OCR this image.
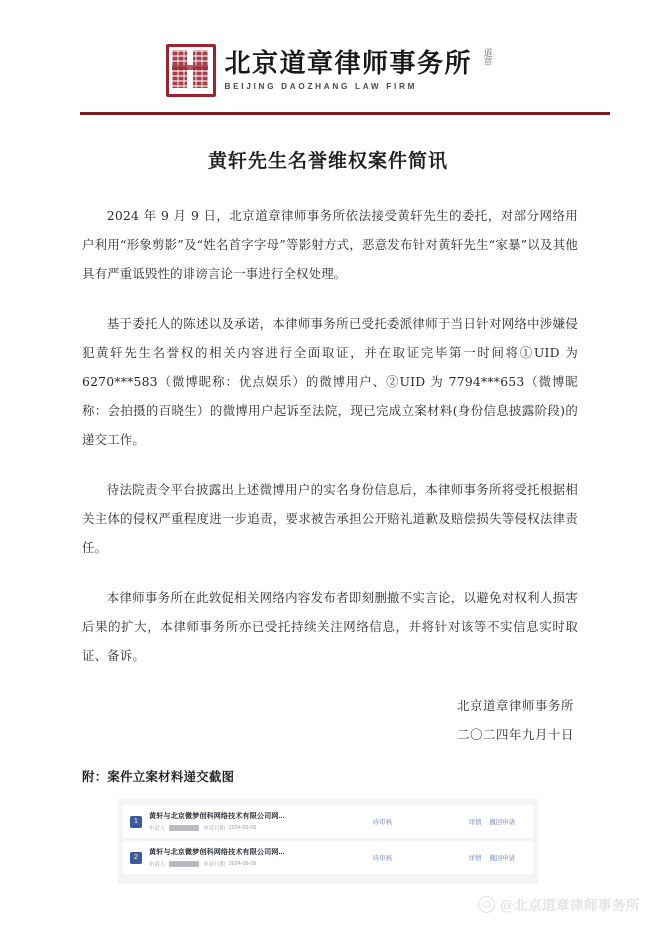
北京道章律师事务所
BEIJING DAOZHANG LAW FIRM
道章
黄轩先生名誉维权案件简讯

2024 年 9 月 9 日，北京道章律师事务所依法接受黄轩先生的委托，对部分网络用户利用“形象剪影”及“姓名首字字母”等影射方式，恶意发布针对黄轩先生“家暴”以及其他具有严重诋毁性的诽谤言论一事进行全权处理。

基于委托人的陈述以及承诺，本律师事务所已受托委派律师于当日针对网络中涉嫌侵犯黄轩先生名誉权的相关内容进行全面取证，并在取证完毕第一时间将①UID 为 6270***583（微博昵称：优点娱乐）的微博用户、②UID 为 7794***653（微博昵称：会拍摄的百晓生）的微博用户起诉至法院，现已完成立案材料(身份信息披露阶段)的递交工作。

待法院责令平台披露出上述微博用户的实名身份信息后，本律师事务所将受托根据相关主体的侵权严重程度进一步追责，要求被告承担公开赔礼道歉及赔偿损失等侵权法律责任。

本律师事务所在此敦促相关网络内容发布者即刻删撤不实言论，以避免对权利人损害后果的扩大，本律师事务所亦已受托持续关注网络信息，并将针对该等不实信息实时取证、备诉。

北京道章律师事务所
二〇二四年九月十日
附：案件立案材料递交截图
1
黄轩与北京微梦创科网络技术有限公司网...
申请人	申请日期 2024-09-09
待审核	详情 撤回申请
2
黄轩与北京微梦创科网络技术有限公司网...
申请人	申请日期 2024-09-09
待审核	详情 撤回申请
@北京道章律师事务所
